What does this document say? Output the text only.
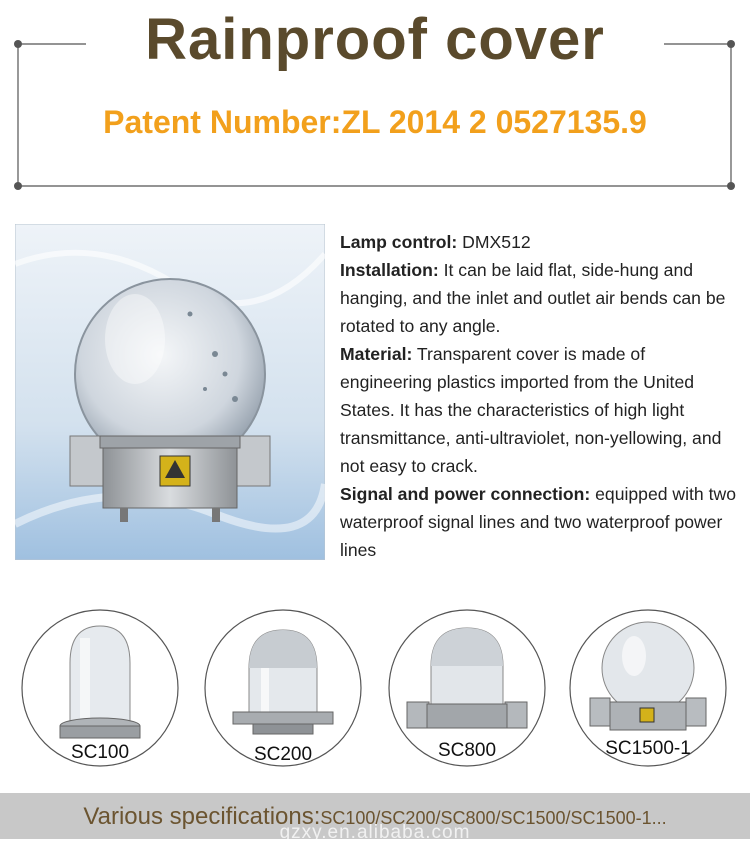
Rainproof cover
Patent Number:ZL 2014 2 0527135.9

Lamp control: DMX512

Installation: It can be laid flat, side-hung and hanging, and the inlet and outlet air bends can be rotated to any angle.

Material: Transparent cover is made of engineering plastics imported from the United States. It has the characteristics of high light transmittance, anti-ultraviolet, non-yellowing, and not easy to crack.

Signal and power connection: equipped with two waterproof signal lines and two waterproof power lines

SC100	SC200	SC800	SC1500-1
Various specifications:SC100/SC200/SC800/SC1500/SC1500-1...
gzxy.en.alibaba.com
